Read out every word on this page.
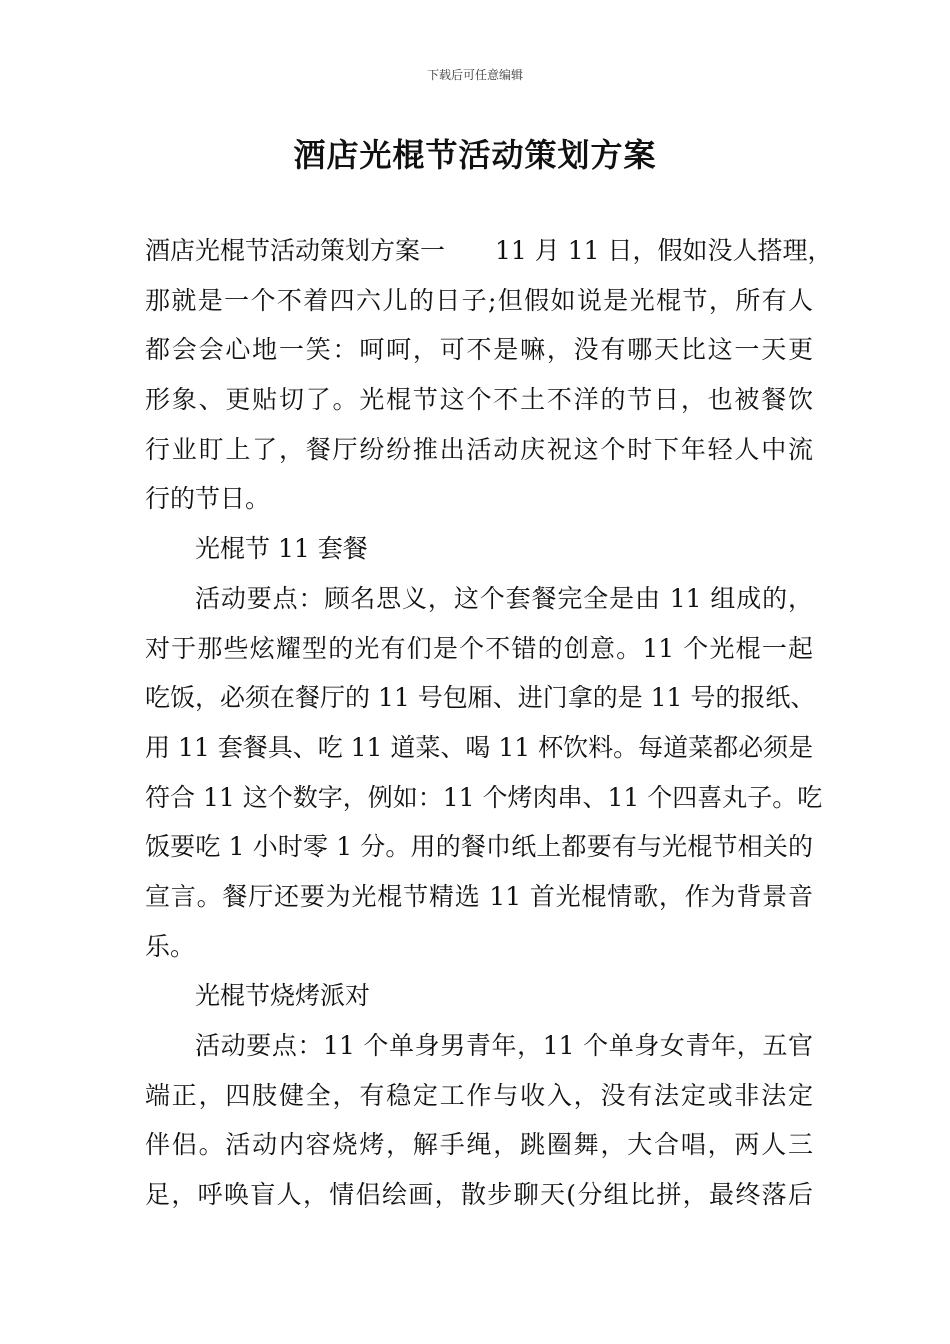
下载后可任意编辑
酒店光棍节活动策划方案
酒店光棍节活动策划方案一　　11 月 11 日，假如没人搭理，
那就是一个不着四六儿的日子;但假如说是光棍节，所有人
都会会心地一笑：呵呵，可不是嘛，没有哪天比这一天更
形象、更贴切了。光棍节这个不土不洋的节日，也被餐饮
行业盯上了，餐厅纷纷推出活动庆祝这个时下年轻人中流
行的节日。
光棍节 11 套餐
活动要点：顾名思义，这个套餐完全是由 11 组成的，
对于那些炫耀型的光有们是个不错的创意。11 个光棍一起
吃饭，必须在餐厅的 11 号包厢、进门拿的是 11 号的报纸、
用 11 套餐具、吃 11 道菜、喝 11 杯饮料。每道菜都必须是
符合 11 这个数字，例如：11 个烤肉串、11 个四喜丸子。吃
饭要吃 1 小时零 1 分。用的餐巾纸上都要有与光棍节相关的
宣言。餐厅还要为光棍节精选 11 首光棍情歌，作为背景音
乐。
光棍节烧烤派对
活动要点：11 个单身男青年，11 个单身女青年，五官
端正，四肢健全，有稳定工作与收入，没有法定或非法定
伴侣。活动内容烧烤，解手绳，跳圈舞，大合唱，两人三
足，呼唤盲人，情侣绘画，散步聊天(分组比拼，最终落后
